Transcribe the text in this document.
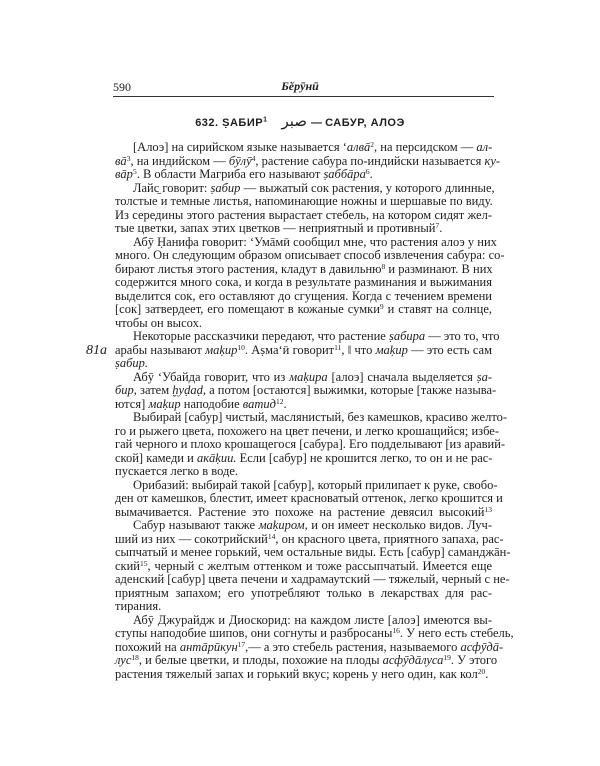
590	Бӗрӯнӣ
632. ṢАБИР$^1$ صبر — САБУР, АЛОЭ
81a
[Алоэ] на сирийском языке называется ʻалвā$^2$, на персидском — ал-
$вā^3$, на индийском — бӯлӯ$^4$, растение сабура по-индийски называется ку-
вāр$^5$. В области Магриба его называют ṣаббāра$^6$.
Лайс̱ говорит: ṣабир — выжатый сок растения, у которого длинные,
толстые и темные листья, напоминающие ножны и шершавые по виду.
Из середины этого растения вырастает стебель, на котором сидят жел-
тые цветки, запах этих цветков — неприятный и противный$^7$.
Абӯ Ḥанифа говорит: ʻУмāмӣ сообщил мне, что растения алоэ у них
много. Он следующим образом описывает способ извлечения сабура: со-
бирают листья этого растения, кладут в давильню$^8$ и разминают. В них
содержится много сока, и когда в результате разминания и выжимания
выделится сок, его оставляют до сгущения. Когда с течением времени
[сок] затвердеет, его помещают в кожаные сумки$^9$ и ставят на солнце,
чтобы он высох.
Некоторые рассказчики передают, что растение ṣабира — это то, что
арабы называют маḳир$^{10}$. Аṣмаʻӣ говорит$^{11}$, ‖ что маḳир — это есть сам
ṣабир.
Абӯ ʻУбайда говорит, что из маḳира [алоэ] сначала выделяется ṣа-
бир, затем ḫуḍаḍ, а потом [остаются] выжимки, которые [также называ-
ются] маḳир наподобие ватид$^{12}$.
Выбирай [сабур] чистый, маслянистый, без камешков, красиво желто-
го и рыжего цвета, похожего на цвет печени, и легко крошащийся; избе-
гай черного и плохо крошащегося [сабура]. Его подделывают [из аравий-
ской] камеди и акāḳии. Если [сабур] не крошится легко, то он и не рас-
пускается легко в воде.
Орибазий: выбирай такой [сабур], который прилипает к руке, свобо-
ден от камешков, блестит, имеет красноватый оттенок, легко крошится и
вымачивается. Растение это похоже на растение девясил высокий$^{13}$
Сабур называют также маḳиром, и он имеет несколько видов. Луч-
ший из них — сокотрийский$^{14}$, он красного цвета, приятного запаха, рас-
сыпчатый и менее горький, чем остальные виды. Есть [сабур] саманджāн-
ский$^{15}$, черный с желтым оттенком и тоже рассыпчатый. Имеется еще
аденский [сабур] цвета печени и хадрамаутский — тяжелый, черный с не-
приятным запахом; его употребляют только в лекарствах для рас-
тирания.
Абӯ Джурайдж и Диоскорид: на каждом листе [алоэ] имеются вы-
ступы наподобие шипов, они согнуты и разбросаны$^{16}$. У него есть стебель,
похожий на антāрӣкун$^{17}$,— а это стебель растения, называемого асфӯдā-
лус$^{18}$, и белые цветки, и плоды, похожие на плоды асфӯдāлуса$^{19}$. У этого
растения тяжелый запах и горький вкус; корень у него один, как кол$^{20}$.
